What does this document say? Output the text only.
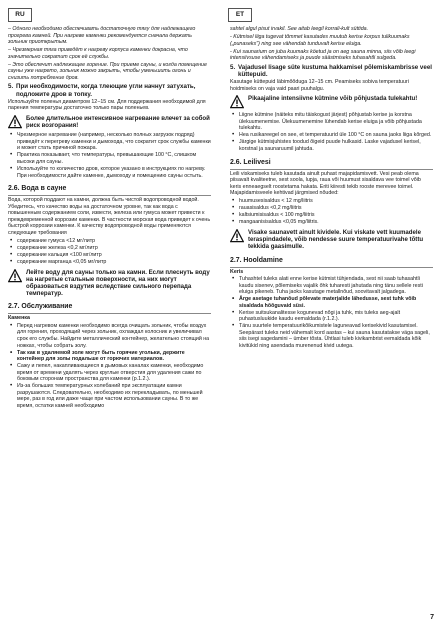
RU	ET

– Одного необходимо обеспечивать достаточную тягу для надлежащего прогрева камней. При нагреве каменки рекомендуется сначала держать зольник приоткрытым.

– Чрезмерная тяга приведёт к нагреву корпуса каменки докрасна, что значительно сократит срок её службы.

– Это обеспечит надлежащее горение. При приеме сауны, и когда помещение сауны уже нагрето, зольник можно закрыть, чтобы уменьшить огонь и снизить потребление дров.

5. При необходимости, когда тлеющие угли начнут затухать, подложите дров в топку.

Используйте поленья диаметром 12−15 см. Для поддержания необходимой для парения температуры достаточно только пары поленьев.

Более длительное интенсивное нагревание влечет за собой риск возгорания!
• Чрезмерное нагревание (например, несколько полных загрузок подряд) приведёт к перегреву каменки и дымохода, что сократит срок службы каменки и может стать причиной пожара.
• Практика показывает, что температуры, превышающие 100 °С, слишком высоки для сауны.
• Используйте то количество дров, которое указано в инструкциях по нагреву. При необходимости дайте каменке, дымоходу и помещению сауны остыть.
2.6. Вода в сауне

Вода, которой поддают на камни, должна быть чистой водопроводной водой. Убедитесь, что качество воды на достаточном уровне, так как вода с повышенным содержанием соли, извести, железа или гумуса может привести к преждевременной коррозии каменки. В частности морская вода приведет к очень быстрой коррозии каменки. К качеству водопроводной воды применяются следующие требования

• содержание гумуса <12 мг/литр
• содержание железа <0,2 мг/литр
• содержание кальция <100 мг/литр
• содержание марганца <0,05 мг/литр
Лейте воду для сауны только на камни. Если плеснуть воду на нагретые стальные поверхности, на них могут образоваться вздутия вследствие сильного перепада температур.
2.7. Обслуживание
Каменка
• Перед нагревом каменки необходимо всегда очищать зольник, чтобы воздух для горения, проходящий через зольник, охлаждал колосник и увеличивал срок его службы. Найдите металлический контейнер, желательно стоящий на ножках, чтобы собрать золу.
• Так как в удаляемой золе могут быть горячие угольки, держите контейнер для золы подальше от горючих материалов.
• Сажу и пепел, накапливающиеся в дымовых каналах каменки, необходимо время от времени удалять через круглые отверстия для удаления сажи по боковым сторонам пространства для каменки (р.1.2.).
• Из-за больших температурных колебаний при эксплуатации камни разрушаются. Следовательно, необходимо их перекладывать, по меньшей мере, раз в год или даже чаще при частом использовании сауны. В то же время, остатки камней необходимо

sahtel algul pisut irvakil. See aitab leegil korrali-kult süttida.

- Kütmisel liiga tugevat tõmmet kasutades muutub kerise korpus tulikuumaks („punaseks") ning see vähendab tunduvalt kerise eluiga.

- Kui saunarium on juba kuumaks köetud ja on aeg sauna minna, siis võib leegi intensiivsuse vähendamiseks ja puude säästmiseks tuhasahtli sulgeda.

5. Vajadusel lisage süte kustuma hakkamisel põlemiskambrisse veel küttepuid.

Kasutage küttepuid läbimõõduga 12−15 cm. Peamiseks sobiva temperatuuri hoidmiseks on vaja vaid paari puuhalgu.

Pikaajaline intensiivne kütmine võib põhjustada tulekahtu!
• Liigne kütmine (näiteks mitu täiskogust järjest) põhjustab kerise ja korstna ülekuumenemise. Ülekuumenemine lühendab kerise eluiga ja võib põhjustada tulekahtu.
• Hea rusikareegel on see, et temperatuurid üle 100 °C on sauna jaoks liiga kõrged.
• Järgige kütmisjuhistes toodud õigeid puude hulkasid. Laske vajadusel kerisel, korstnal ja saunaruumil jahtuda.
2.6. Leilivesi

Leili viskamiseks tuleb kasutada ainult puhast majapidamisvett. Vesi peab olema piisavalt kvaliteetne, sest soola, lupja, raua või huumust sisaldava vee toimel võib keris enneaegselt roostetama hakata. Eriti kiiresti tekib rooste merevee toimel. Majapidamisveele kehtivad järgmised nõuded:

• huumusesisaldus < 12 mg/liitris
• rauasisaldus <0,2 mg/liitris
• kaltsiumisisaldus < 100 mg/liitris
• mangaanisisaldus <0,05 mg/liitris.
Visake saunavett ainult kividele. Kui viskate vett kuumadele teraspindadele, võib nendesse suure temperatuurivahe tõttu tekkida gaasimulle.
2.7. Hooldamine
Keris
• Tuhashtel tuleks alati enne kerise kütmist tühjendada, sest nii saab tuhasahtli kaudu sisenev, põlemiseks vajalik õhk tuharesti jahutada ning tänu sellele resti eluiga pikeneb. Tuha jaoks kasutage metallnõud, soovitavalt jalgadega.
• Ärge asetage tuhanõud põlevate materjalide lähedusse, sest tuhk võib sisaldada hõõguvaid süsi.
• Kerise suitsukanalitesse kogunevad nõgi ja tuhk, mis tuleks aeg-ajalt puhastusluukide kaudu eemaldada (r.1.2.).
• Tänu suurtele temperatuurikõikumistele laguneavad kerisekivid kasutamisel. Seepärast tuleks neid vähemalt kord aastas – kui sauna kasutatakse väga sageli, siis isegi sagedamini – ümber tõsta. Ühtlasi tuleb kivikambrist eemaldada kõik kivitükid ning asendada murenenud kivid uutega.
7
